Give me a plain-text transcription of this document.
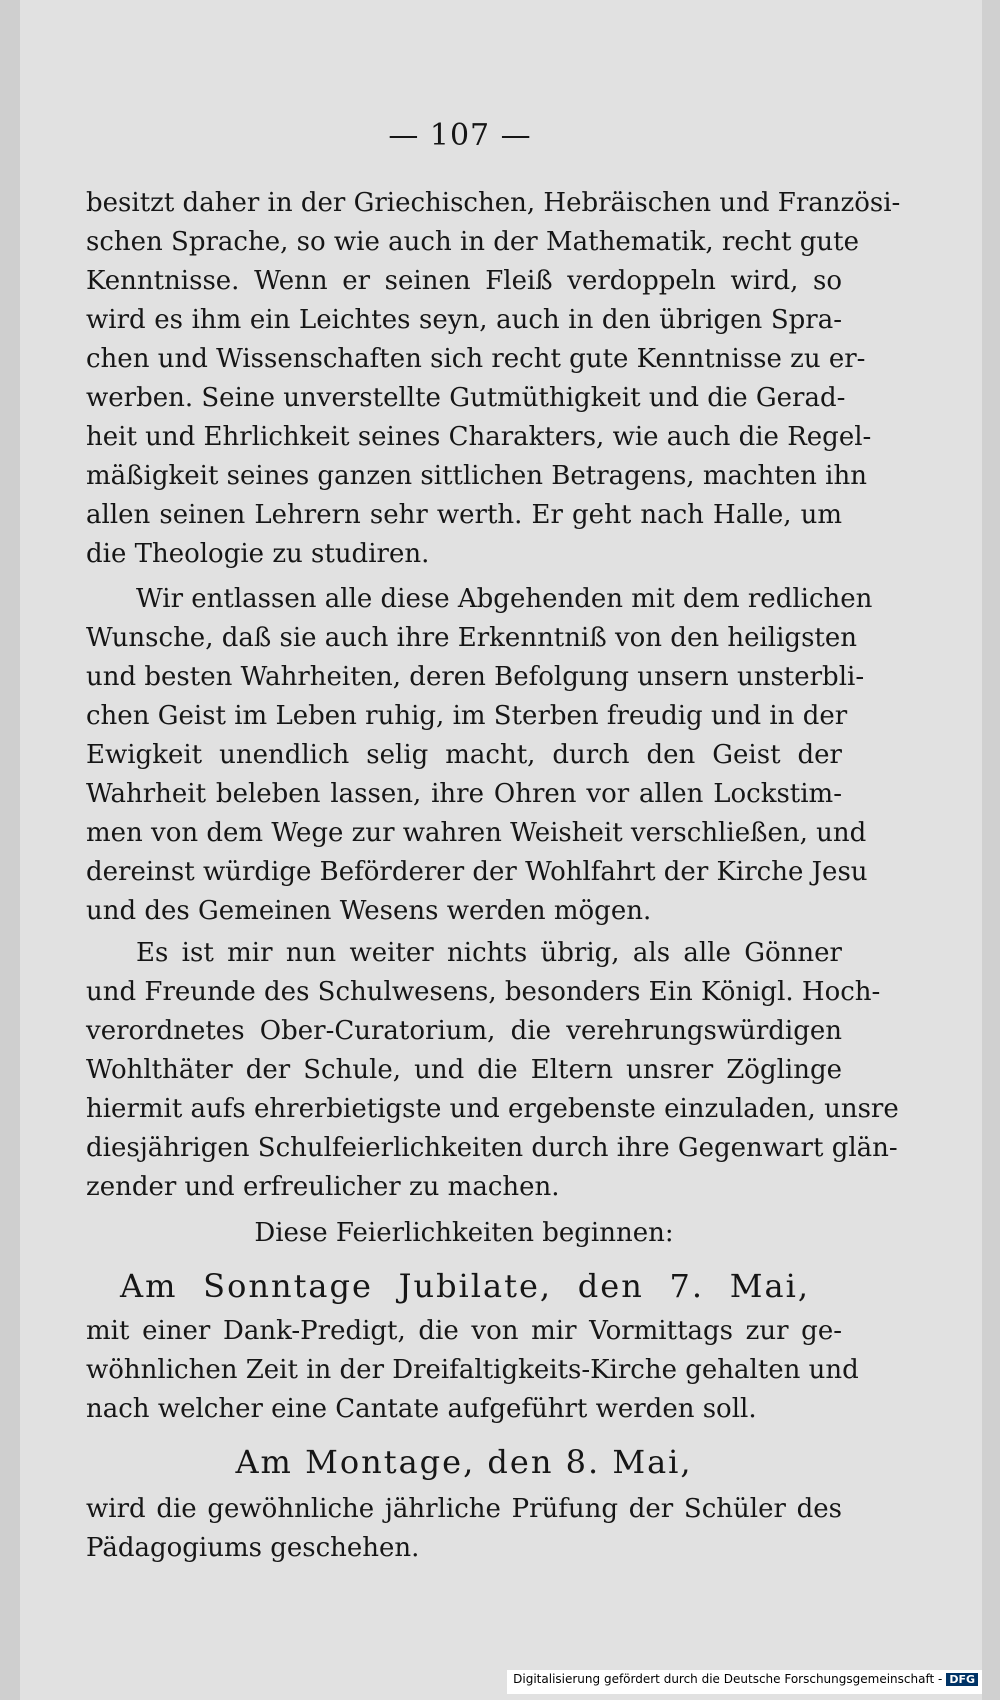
— 107 —

besitzt daher in der Griechischen, Hebräischen und Französi-

schen Sprache, so wie auch in der Mathematik, recht gute

Kenntnisse. Wenn er seinen Fleiß verdoppeln wird, so

wird es ihm ein Leichtes seyn, auch in den übrigen Spra-

chen und Wissenschaften sich recht gute Kenntnisse zu er-

werben. Seine unverstellte Gutmüthigkeit und die Gerad-

heit und Ehrlichkeit seines Charakters, wie auch die Regel-

mäßigkeit seines ganzen sittlichen Betragens, machten ihn

allen seinen Lehrern sehr werth. Er geht nach Halle, um

die Theologie zu studiren.

Wir entlassen alle diese Abgehenden mit dem redlichen

Wunsche, daß sie auch ihre Erkenntniß von den heiligsten

und besten Wahrheiten, deren Befolgung unsern unsterbli-

chen Geist im Leben ruhig, im Sterben freudig und in der

Ewigkeit unendlich selig macht, durch den Geist der

Wahrheit beleben lassen, ihre Ohren vor allen Lockstim-

men von dem Wege zur wahren Weisheit verschließen, und

dereinst würdige Beförderer der Wohlfahrt der Kirche Jesu

und des Gemeinen Wesens werden mögen.

Es ist mir nun weiter nichts übrig, als alle Gönner

und Freunde des Schulwesens, besonders Ein Königl. Hoch-

verordnetes Ober-Curatorium, die verehrungswürdigen

Wohlthäter der Schule, und die Eltern unsrer Zöglinge

hiermit aufs ehrerbietigste und ergebenste einzuladen, unsre

diesjährigen Schulfeierlichkeiten durch ihre Gegenwart glän-

zender und erfreulicher zu machen.

Diese Feierlichkeiten beginnen:

Am Sonntage Jubilate, den 7. Mai,

mit einer Dank-Predigt, die von mir Vormittags zur ge-

wöhnlichen Zeit in der Dreifaltigkeits-Kirche gehalten und

nach welcher eine Cantate aufgeführt werden soll.

Am Montage, den 8. Mai,

wird die gewöhnliche jährliche Prüfung der Schüler des

Pädagogiums geschehen.

Digitalisierung gefördert durch die Deutsche Forschungsgemeinschaft - DFG
